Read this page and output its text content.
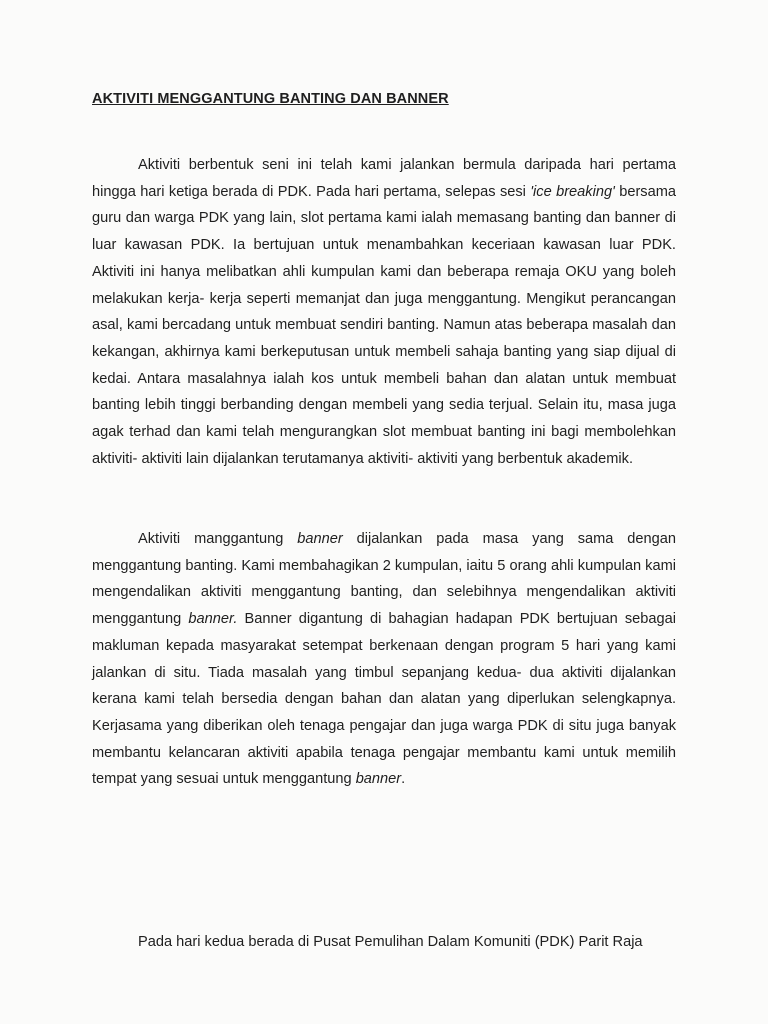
AKTIVITI MENGGANTUNG BANTING DAN BANNER

Aktiviti berbentuk seni ini telah kami jalankan bermula daripada hari pertama hingga hari ketiga berada di PDK. Pada hari pertama, selepas sesi 'ice breaking' bersama guru dan warga PDK yang lain, slot pertama kami ialah memasang banting dan banner di luar kawasan PDK. Ia bertujuan untuk menambahkan keceriaan kawasan luar PDK. Aktiviti ini hanya melibatkan ahli kumpulan kami dan beberapa remaja OKU yang boleh melakukan kerja- kerja seperti memanjat dan juga menggantung. Mengikut perancangan asal, kami bercadang untuk membuat sendiri banting. Namun atas beberapa masalah dan kekangan, akhirnya kami berkeputusan untuk membeli sahaja banting yang siap dijual di kedai. Antara masalahnya ialah kos untuk membeli bahan dan alatan untuk membuat banting lebih tinggi berbanding dengan membeli yang sedia terjual. Selain itu, masa juga agak terhad dan kami telah mengurangkan slot membuat banting ini bagi membolehkan aktiviti- aktiviti lain dijalankan terutamanya aktiviti- aktiviti yang berbentuk akademik.

Aktiviti manggantung banner dijalankan pada masa yang sama dengan menggantung banting. Kami membahagikan 2 kumpulan, iaitu 5 orang ahli kumpulan kami mengendalikan aktiviti menggantung banting, dan selebihnya mengendalikan aktiviti menggantung banner. Banner digantung di bahagian hadapan PDK bertujuan sebagai makluman kepada masyarakat setempat berkenaan dengan program 5 hari yang kami jalankan di situ. Tiada masalah yang timbul sepanjang kedua- dua aktiviti dijalankan kerana kami telah bersedia dengan bahan dan alatan yang diperlukan selengkapnya. Kerjasama yang diberikan oleh tenaga pengajar dan juga warga PDK di situ juga banyak membantu kelancaran aktiviti apabila tenaga pengajar membantu kami untuk memilih tempat yang sesuai untuk menggantung banner.

Pada hari kedua berada di Pusat Pemulihan Dalam Komuniti (PDK) Parit Raja
